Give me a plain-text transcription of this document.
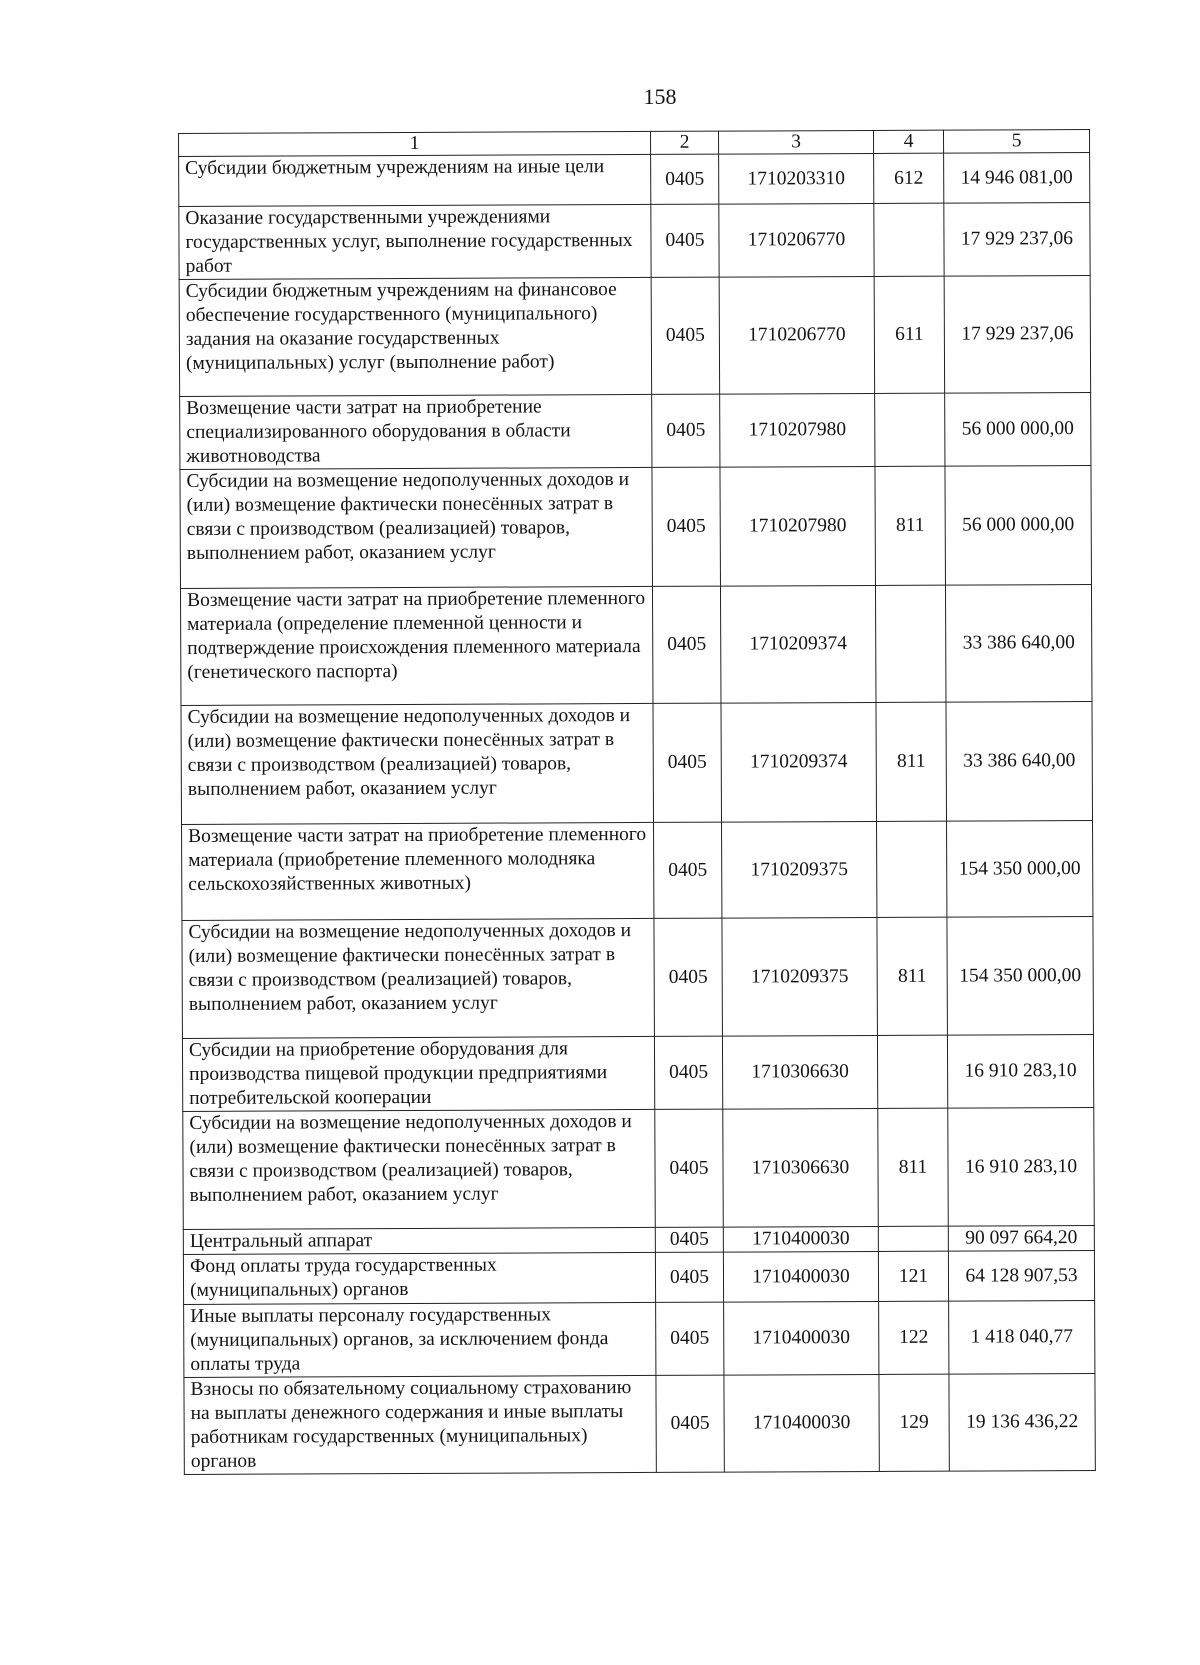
158
1	2	3	4	5
Субсидии бюджетным учреждениям на иные цели	0405	1710203310	612	14 946 081,00
Оказание государственными учреждениями государственных услуг, выполнение государственных работ	0405	1710206770		17 929 237,06
Субсидии бюджетным учреждениям на финансовое обеспечение государственного (муниципального) задания на оказание государственных (муниципальных) услуг (выполнение работ)	0405	1710206770	611	17 929 237,06
Возмещение части затрат на приобретение специализированного оборудования в области животноводства	0405	1710207980		56 000 000,00
Субсидии на возмещение недополученных доходов и (или) возмещение фактически понесённых затрат в связи с производством (реализацией) товаров, выполнением работ, оказанием услуг	0405	1710207980	811	56 000 000,00
Возмещение части затрат на приобретение племенного материала (определение племенной ценности и подтверждение происхождения племенного материала (генетического паспорта)	0405	1710209374		33 386 640,00
Субсидии на возмещение недополученных доходов и (или) возмещение фактически понесённых затрат в связи с производством (реализацией) товаров, выполнением работ, оказанием услуг	0405	1710209374	811	33 386 640,00
Возмещение части затрат на приобретение племенного материала (приобретение племенного молодняка сельскохозяйственных животных)	0405	1710209375		154 350 000,00
Субсидии на возмещение недополученных доходов и (или) возмещение фактически понесённых затрат в связи с производством (реализацией) товаров, выполнением работ, оказанием услуг	0405	1710209375	811	154 350 000,00
Субсидии на приобретение оборудования для производства пищевой продукции предприятиями потребительской кооперации	0405	1710306630		16 910 283,10
Субсидии на возмещение недополученных доходов и (или) возмещение фактически понесённых затрат в связи с производством (реализацией) товаров, выполнением работ, оказанием услуг	0405	1710306630	811	16 910 283,10
Центральный аппарат	0405	1710400030		90 097 664,20
Фонд оплаты труда государственных (муниципальных) органов	0405	1710400030	121	64 128 907,53
Иные выплаты персоналу государственных (муниципальных) органов, за исключением фонда оплаты труда	0405	1710400030	122	1 418 040,77
Взносы по обязательному социальному страхованию на выплаты денежного содержания и иные выплаты работникам государственных (муниципальных) органов	0405	1710400030	129	19 136 436,22
